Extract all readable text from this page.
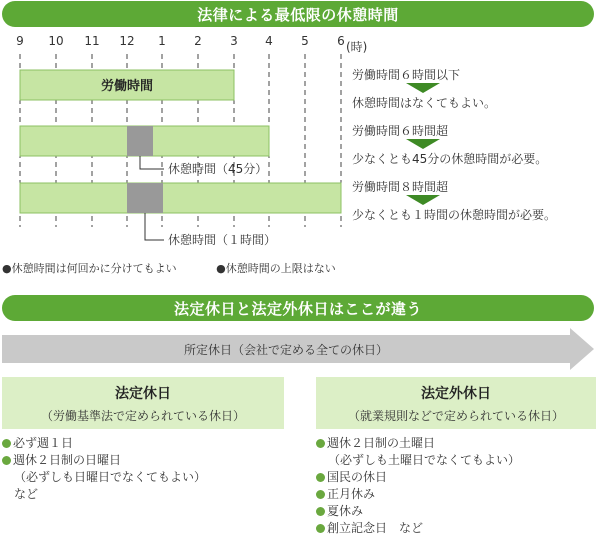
法律による最低限の休憩時間
9 10 11 12 1 2 3 4 5 6
労働時間
休憩時間（45分）
休憩時間（１時間）
労働時間６時間以下
休憩時間はなくてもよい。
労働時間６時間超
少なくとも45分の休憩時間が必要。
労働時間８時間超
少なくとも１時間の休憩時間が必要。
●休憩時間は何回かに分けてもよい	●休憩時間の上限はない
法定休日と法定外休日はここが違う
所定休日（会社で定める全ての休日）
法定休日
（労働基準法で定められている休日）
必ず週１日
週休２日制の日曜日
（必ずしも日曜日でなくてもよい）
など
法定外休日
（就業規則などで定められている休日）
週休２日制の土曜日
（必ずしも土曜日でなくてもよい）
国民の休日
正月休み
夏休み
創立記念日　など
(時)
